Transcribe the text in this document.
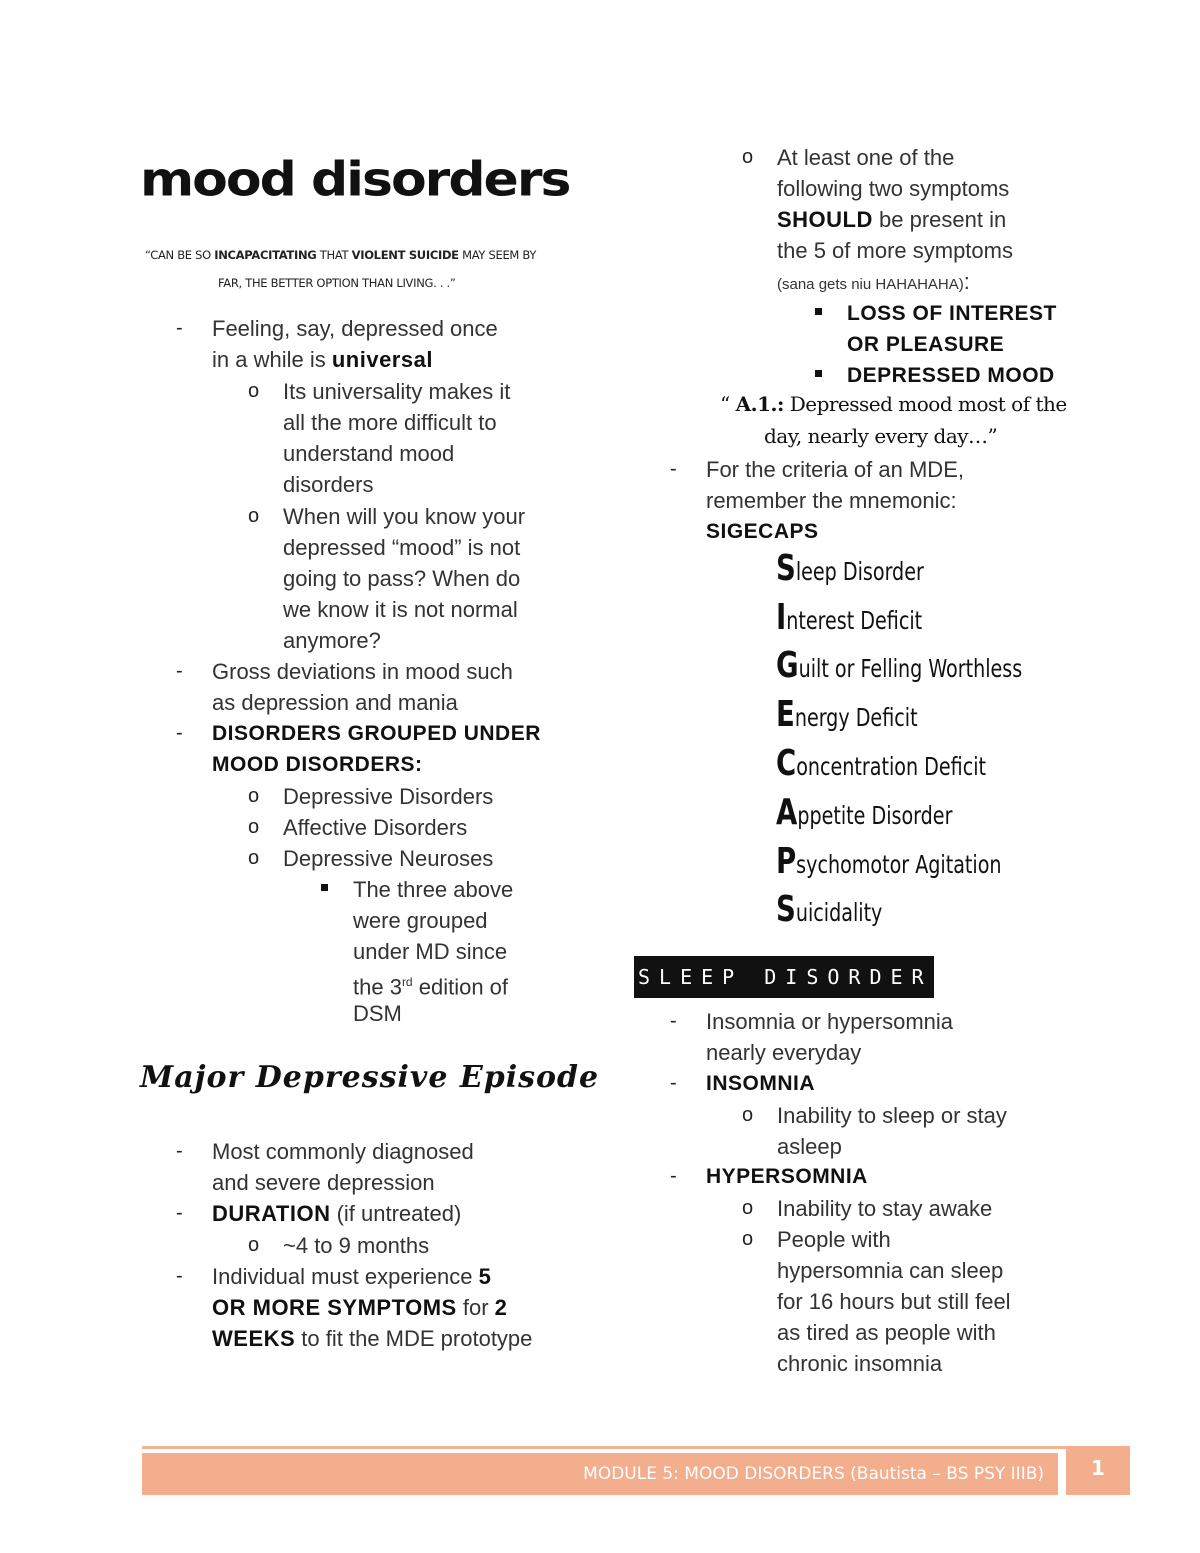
mood disorders
“CAN BE SO INCAPACITATING THAT VIOLENT SUICIDE MAY SEEM BY
FAR, THE BETTER OPTION THAN LIVING. . .”
- Feeling, say, depressed once
in a while is universal
o Its universality makes it
all the more difficult to
understand mood
disorders
o When will you know your
depressed “mood” is not
going to pass? When do
we know it is not normal
anymore?
- Gross deviations in mood such
as depression and mania
- DISORDERS GROUPED UNDER
MOOD DISORDERS:
o Depressive Disorders
o Affective Disorders
o Depressive Neuroses
The three above
were grouped
under MD since
the 3rd edition of
DSM
Major Depressive Episode
- Most commonly diagnosed
and severe depression
- DURATION (if untreated)
o ~4 to 9 months
- Individual must experience 5
OR MORE SYMPTOMS for 2
WEEKS to fit the MDE prototype
o At least one of the
following two symptoms
SHOULD be present in
the 5 of more symptoms
(sana gets niu HAHAHAHA):
LOSS OF INTEREST
OR PLEASURE
DEPRESSED MOOD
“ A.1.: Depressed mood most of the
day, nearly every day…”
- For the criteria of an MDE,
remember the mnemonic:
SIGECAPS
Sleep Disorder
Interest Deficit
Guilt or Felling Worthless
Energy Deficit
Concentration Deficit
Appetite Disorder
Psychomotor Agitation
Suicidality
SLEEP DISORDER
- Insomnia or hypersomnia
nearly everyday
- INSOMNIA
o Inability to sleep or stay
asleep
- HYPERSOMNIA
o Inability to stay awake
o People with
hypersomnia can sleep
for 16 hours but still feel
as tired as people with
chronic insomnia
MODULE 5: MOOD DISORDERS (Bautista – BS PSY IIIB)	1
